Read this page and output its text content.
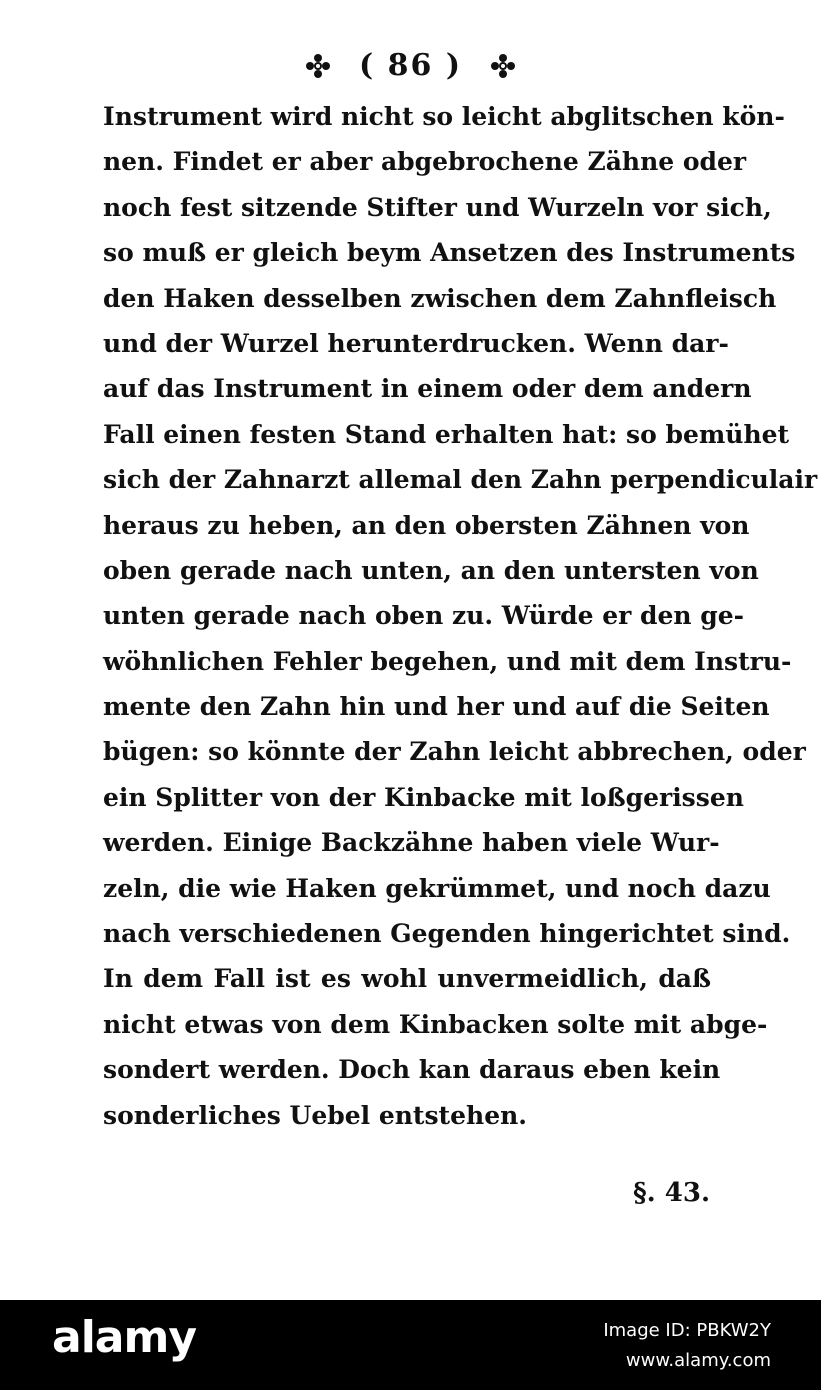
( 86 )
Instrument wird nicht so leicht abglitschen kön-
nen. Findet er aber abgebrochene Zähne oder
noch fest sitzende Stifter und Wurzeln vor sich,
so muß er gleich beym Ansetzen des Instruments
den Haken desselben zwischen dem Zahnfleisch
und der Wurzel herunterdrucken. Wenn dar-
auf das Instrument in einem oder dem andern
Fall einen festen Stand erhalten hat: so bemühet
sich der Zahnarzt allemal den Zahn perpendiculair
heraus zu heben, an den obersten Zähnen von
oben gerade nach unten, an den untersten von
unten gerade nach oben zu. Würde er den ge-
wöhnlichen Fehler begehen, und mit dem Instru-
mente den Zahn hin und her und auf die Seiten
bügen: so könnte der Zahn leicht abbrechen, oder
ein Splitter von der Kinbacke mit loßgerissen
werden. Einige Backzähne haben viele Wur-
zeln, die wie Haken gekrümmet, und noch dazu
nach verschiedenen Gegenden hingerichtet sind.
In dem Fall ist es wohl unvermeidlich, daß
nicht etwas von dem Kinbacken solte mit abge-
sondert werden. Doch kan daraus eben kein
sonderliches Uebel entstehen.
§. 43.
alamy	Image ID: PBKW2Y
www.alamy.com
